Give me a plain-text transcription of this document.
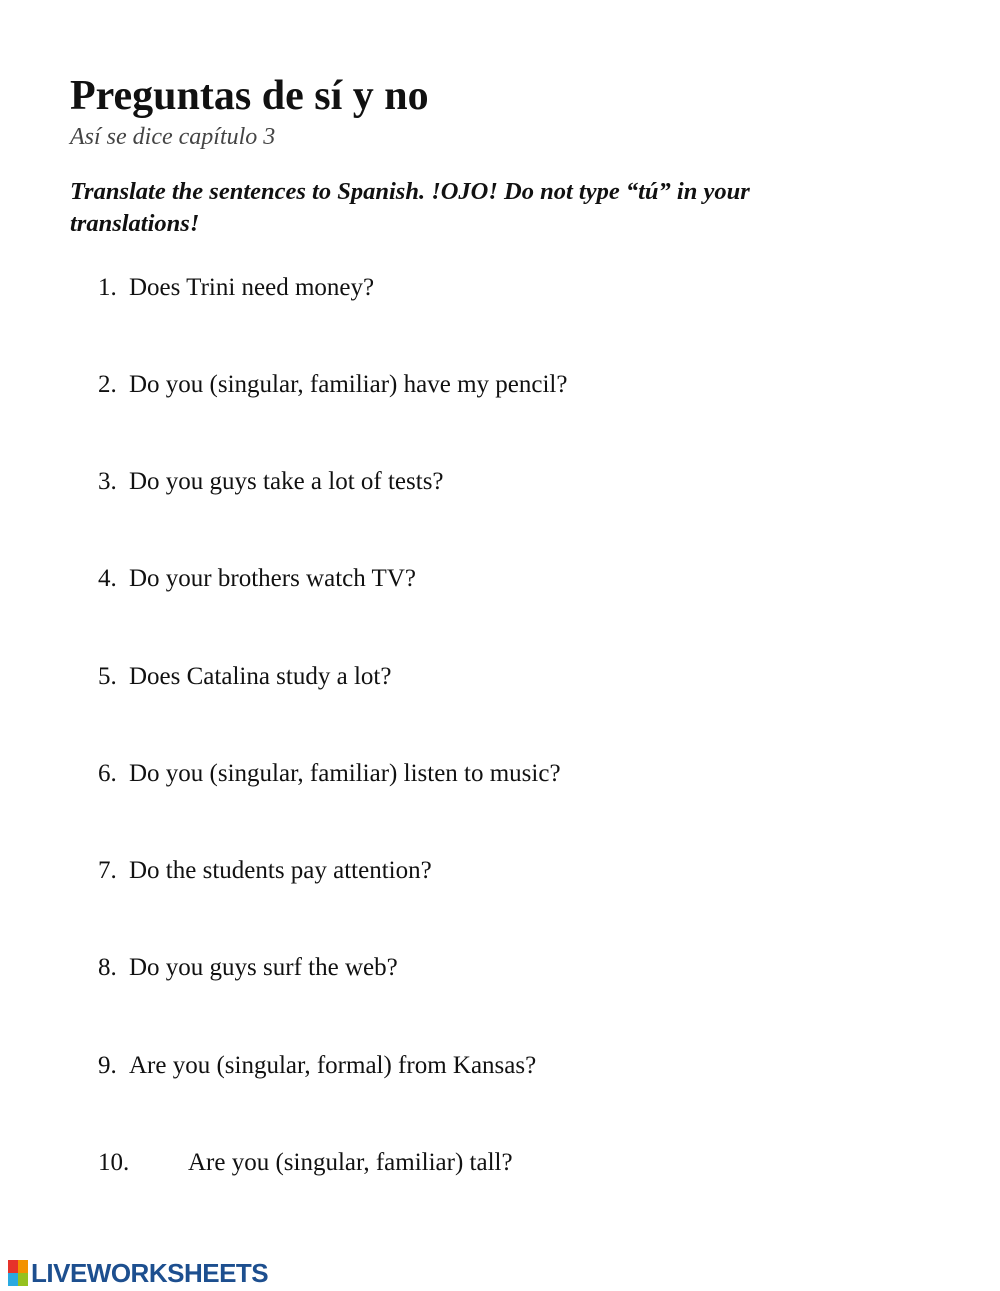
Preguntas de sí y no
Así se dice capítulo 3
Translate the sentences to Spanish. !OJO! Do not type “tú” in your translations!
1. Does Trini need money?
2. Do you (singular, familiar) have my pencil?
3. Do you guys take a lot of tests?
4. Do your brothers watch TV?
5. Does Catalina study a lot?
6. Do you (singular, familiar) listen to music?
7. Do the students pay attention?
8. Do you guys surf the web?
9. Are you (singular, formal) from Kansas?
10. Are you (singular, familiar) tall?
LIVEWORKSHEETS
